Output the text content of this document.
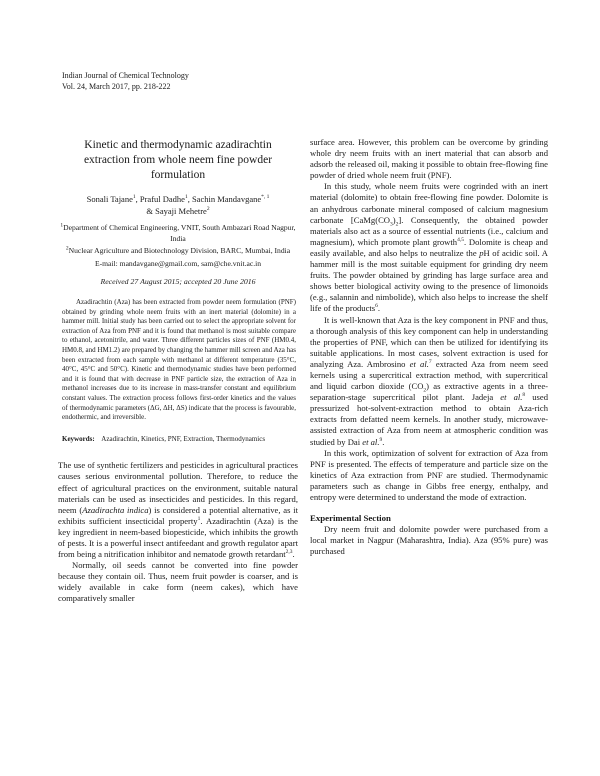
Indian Journal of Chemical Technology
Vol. 24, March 2017, pp. 218-222
Kinetic and thermodynamic azadirachtin extraction from whole neem fine powder formulation
Sonali Tajane$^1$, Praful Dadhe$^1$, Sachin Mandavgane$^{*, 1}$
& Sayaji Mehetre$^2$

$^1$Department of Chemical Engineering, VNIT, South Ambazari Road Nagpur, India

$^2$Nuclear Agriculture and Biotechnology Division, BARC, Mumbai, India

E-mail: mandavgane@gmail.com, sam@che.vnit.ac.in

Received 27 August 2015; accepted 20 June 2016
Azadirachtin (Aza) has been extracted from powder neem formulation (PNF) obtained by grinding whole neem fruits with an inert material (dolomite) in a hammer mill. Initial study has been carried out to select the appropriate solvent for extraction of Aza from PNF and it is found that methanol is most suitable compare to ethanol, acetonitrile, and water. Three different particles sizes of PNF (HM0.4, HM0.8, and HM1.2) are prepared by changing the hammer mill screen and Aza has been extracted from each sample with methanol at different temperature (35°C, 40°C, 45°C and 50°C). Kinetic and thermodynamic studies have been performed and it is found that with decrease in PNF particle size, the extraction of Aza in methanol increases due to its increase in mass-transfer constant and equilibrium constant values. The extraction process follows first-order kinetics and the values of thermodynamic parameters (ΔG, ΔH, ΔS) indicate that the process is favourable, endothermic, and irreversible.
Keywords: Azadirachtin, Kinetics, PNF, Extraction, Thermodynamics

The use of synthetic fertilizers and pesticides in agricultural practices causes serious environmental pollution. Therefore, to reduce the effect of agricultural practices on the environment, suitable natural materials can be used as insecticides and pesticides. In this regard, neem (Azadirachta indica) is considered a potential alternative, as it exhibits sufficient insecticidal property$^1$. Azadirachtin (Aza) is the key ingredient in neem-based biopesticide, which inhibits the growth of pests. It is a powerful insect antifeedant and growth regulator apart from being a nitrification inhibitor and nematode growth retardant$^{2,3}$.

Normally, oil seeds cannot be converted into fine powder because they contain oil. Thus, neem fruit powder is coarser, and is widely available in cake form (neem cakes), which have comparatively smaller

surface area. However, this problem can be overcome by grinding whole dry neem fruits with an inert material that can absorb and adsorb the released oil, making it possible to obtain free-flowing fine powder of dried whole neem fruit (PNF).

In this study, whole neem fruits were cogrinded with an inert material (dolomite) to obtain free-flowing fine powder. Dolomite is an anhydrous carbonate mineral composed of calcium magnesium carbonate $[CaMg(CO_3)_2]$. Consequently, the obtained powder materials also act as a source of essential nutrients (i.e., calcium and magnesium), which promote plant growth$^{4,5}$. Dolomite is cheap and easily available, and also helps to neutralize the pH of acidic soil. A hammer mill is the most suitable equipment for grinding dry neem fruits. The powder obtained by grinding has large surface area and shows better biological activity owing to the presence of limonoids (e.g., salannin and nimbolide), which also helps to increase the shelf life of the products$^6$.

It is well-known that Aza is the key component in PNF and thus, a thorough analysis of this key component can help in understanding the properties of PNF, which can then be utilized for identifying its suitable applications. In most cases, solvent extraction is used for analyzing Aza. Ambrosino et al.$^7$ extracted Aza from neem seed kernels using a supercritical extraction method, with supercritical and liquid carbon dioxide $(CO_2)$ as extractive agents in a three-separation-stage supercritical pilot plant. Jadeja et al.$^8$ used pressurized hot-solvent-extraction method to obtain Aza-rich extracts from defatted neem kernels. In another study, microwave-assisted extraction of Aza from neem at atmospheric condition was studied by Dai et al.$^9$.

In this work, optimization of solvent for extraction of Aza from PNF is presented. The effects of temperature and particle size on the kinetics of Aza extraction from PNF are studied. Thermodynamic parameters such as change in Gibbs free energy, enthalpy, and entropy were determined to understand the mode of extraction.

Experimental Section

Dry neem fruit and dolomite powder were purchased from a local market in Nagpur (Maharashtra, India). Aza (95% pure) was purchased
